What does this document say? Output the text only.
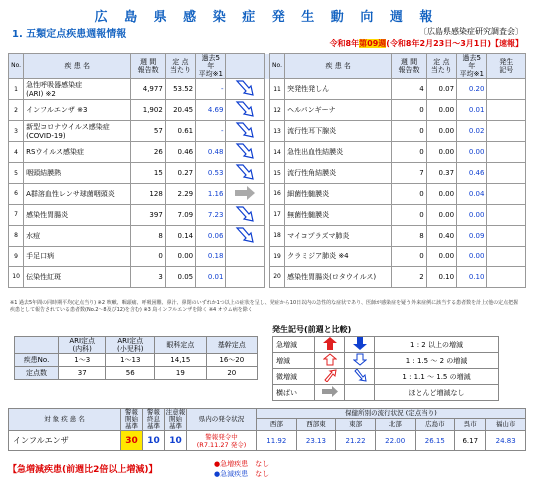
広 島 県 感 染 症 発 生 動 向 週 報
1. 五類定点疾患週報情報	〔広島県感染症研究調査会〕
令和8年第09週(令和8年2月23日～3月1日)【速報】
No.	疾 患 名	週 間
報告数	定 点
当たり	過去5年
平均※1			No.	疾 患 名	週 間
報告数	定 点
当たり	過去5年
平均※1	発生
記号
1	急性呼吸器感染症
(ARI) ※2	4,977	53.52	-			11	突発性発しん	4	0.07	0.20	
2	インフルエンザ ※3	1,902	20.45	4.69			12	ヘルパンギーナ	0	0.00	0.01	
3	新型コロナウイルス感染症
(COVID-19)	57	0.61	-			13	流行性耳下腺炎	0	0.00	0.02	
4	RSウイルス感染症	26	0.46	0.48			14	急性出血性結膜炎	0	0.00	0.00	
5	咽頭結膜熱	15	0.27	0.53			15	流行性角結膜炎	7	0.37	0.46	
6	A群溶血性レンサ球菌咽頭炎	128	2.29	1.16			16	細菌性髄膜炎	0	0.00	0.04	
7	感染性胃腸炎	397	7.09	7.23			17	無菌性髄膜炎	0	0.00	0.00	
8	水痘	8	0.14	0.06			18	マイコプラズマ肺炎	8	0.40	0.09	
9	手足口病	0	0.00	0.18			19	クラミジア肺炎 ※4	0	0.00	0.00	
10	伝染性紅斑	3	0.05	0.01			20	感染性胃腸炎(ロタウイルス)	2	0.10	0.10	
※1 過去5年間の同時期平均(定点当り) ※2 咳嗽、咽頭痛、呼吸困難、鼻汁、鼻閉のいずれか1つ以上の症状を呈し、発症から10日以内の急性的な症状であり、医師が感染症を疑う外来症例に該当する患者数を計上(他の定点把握疾患として報告されている患者数(No.2～8及び12)を含む) ※3 鳥インフルエンザを除く ※4 オウム病を除く
	ARI定点
(内科)	ARI定点
(小児科)	眼科定点	基幹定点
疾患No.	1～3	1～13	14,15	16～20
定点数	37	56	19	20
発生記号(前週と比較)
急増減			1 : 2 以上の増減
増減			1 : 1.5 ～ 2 の増減
微増減			1 : 1.1 ～ 1.5 の増減
横ばい			ほとんど増減なし
対 象 疾 患 名	警報
開始
基準	警報
終息
基準	注意報
開始
基準	県内の発令状況	保健所別の流行状況 (定点当り)						
					西部	西部東	東部	北部	広島市	呉市	福山市
インフルエンザ	30	10	10	警報発令中
(R7.11.27 発令)	11.92	23.13	21.22	22.00	26.15	6.17	24.83
【急増減疾患(前週比2倍以上増減)】
●急増疾患　 なし
●急減疾患　 なし
